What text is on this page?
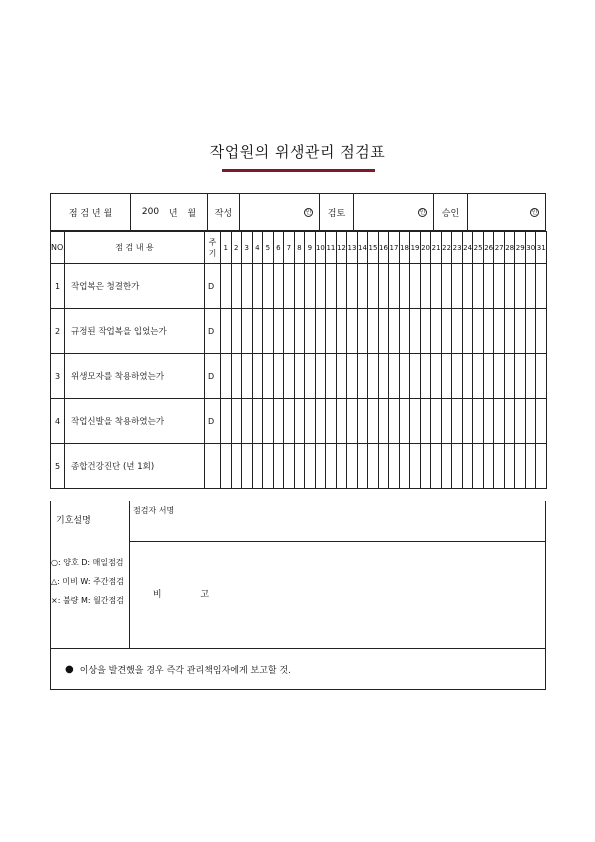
작업원의 위생관리 점검표
점 검 년 월	200 년 월	작성	인	검토	인	승인	인
NO.	점 검 내 용	주기	1	2	3	4	5	6	7	8	9	10	11	12	13	14	15	16	17	18	19	20	21	22	23	24	25	26	27	28	29	30	31
1	작업복은 청결한가	D																															
2	규정된 작업복을 입었는가	D																															
3	위생모자를 착용하였는가	D																															
4	작업신발을 착용하였는가	D																															
5	종합건강진단 (년 1회)																																
기호설명
○: 양호 D: 매일점검
△: 미비 W: 주간점검
×: 불량 M: 월간점검
점검자 서명
비 고
● 이상을 발견했을 경우 즉각 관리책임자에게 보고할 것.
